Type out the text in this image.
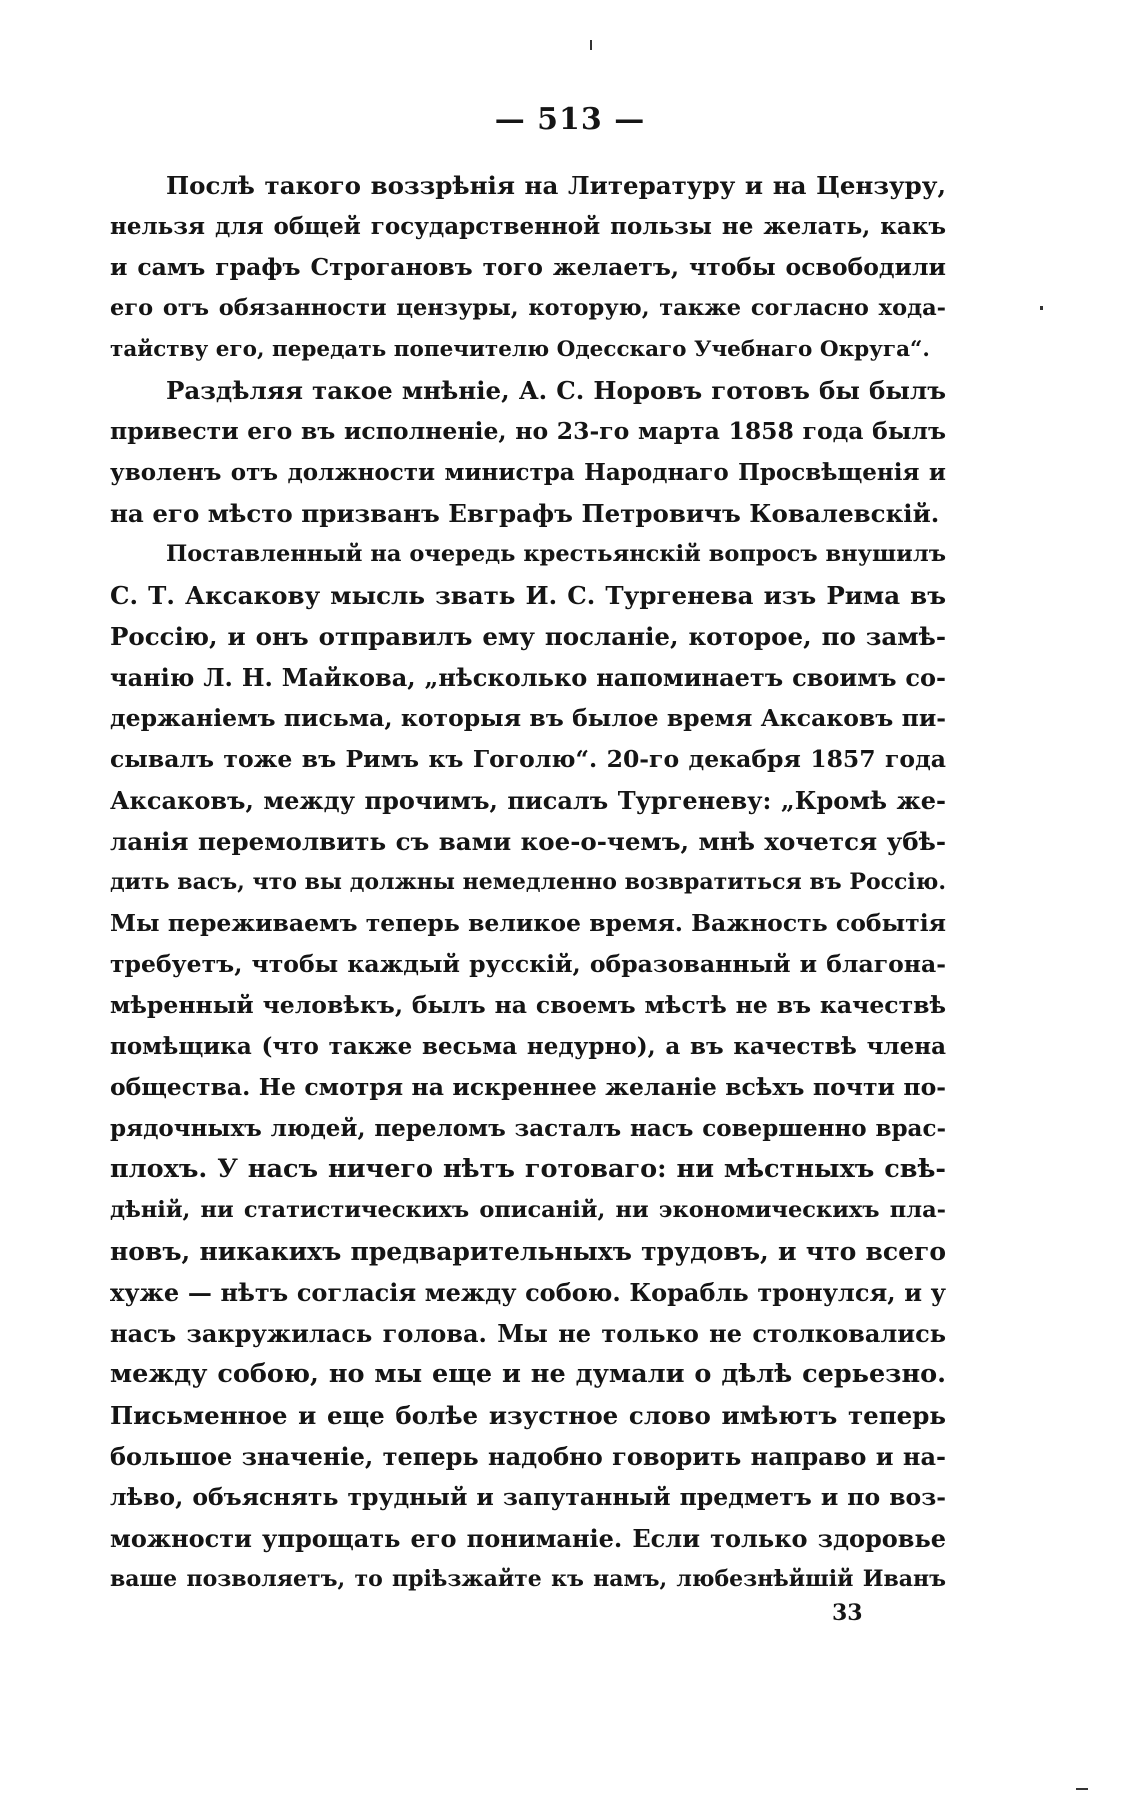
— 513 —
Послѣ такого воззрѣнія на Литературу и на Цензуру,
нельзя для общей государственной пользы не желать, какъ
и самъ графъ Строгановъ того желаетъ, чтобы освободили
его отъ обязанности цензуры, которую, также согласно хода-
тайству его, передать попечителю Одесскаго Учебнаго Округа“.
Раздѣляя такое мнѣніе, А. С. Норовъ готовъ бы былъ
привести его въ исполненіе, но 23-го марта 1858 года былъ
уволенъ отъ должности министра Народнаго Просвѣщенія и
на его мѣсто призванъ Евграфъ Петровичъ Ковалевскій.
Поставленный на очередь крестьянскій вопросъ внушилъ
С. Т. Аксакову мысль звать И. С. Тургенева изъ Рима въ
Россію, и онъ отправилъ ему посланіе, которое, по замѣ-
чанію Л. Н. Майкова, „нѣсколько напоминаетъ своимъ со-
держаніемъ письма, которыя въ былое время Аксаковъ пи-
сывалъ тоже въ Римъ къ Гоголю“. 20-го декабря 1857 года
Аксаковъ, между прочимъ, писалъ Тургеневу: „Кромѣ же-
ланія перемолвить съ вами кое-о-чемъ, мнѣ хочется убѣ-
дить васъ, что вы должны немедленно возвратиться въ Россію.
Мы переживаемъ теперь великое время. Важность событія
требуетъ, чтобы каждый русскій, образованный и благона-
мѣренный человѣкъ, былъ на своемъ мѣстѣ не въ качествѣ
помѣщика (что также весьма недурно), а въ качествѣ члена
общества. Не смотря на искреннее желаніе всѣхъ почти по-
рядочныхъ людей, переломъ засталъ насъ совершенно врас-
плохъ. У насъ ничего нѣтъ готоваго: ни мѣстныхъ свѣ-
дѣній, ни статистическихъ описаній, ни экономическихъ пла-
новъ, никакихъ предварительныхъ трудовъ, и что всего
хуже — нѣтъ согласія между собою. Корабль тронулся, и у
насъ закружилась голова. Мы не только не столковались
между собою, но мы еще и не думали о дѣлѣ серьезно.
Письменное и еще болѣе изустное слово имѣютъ теперь
большое значеніе, теперь надобно говорить направо и на-
лѣво, объяснять трудный и запутанный предметъ и по воз-
можности упрощать его пониманіе. Если только здоровье
ваше позволяетъ, то пріѣзжайте къ намъ, любезнѣйшій Иванъ
33
